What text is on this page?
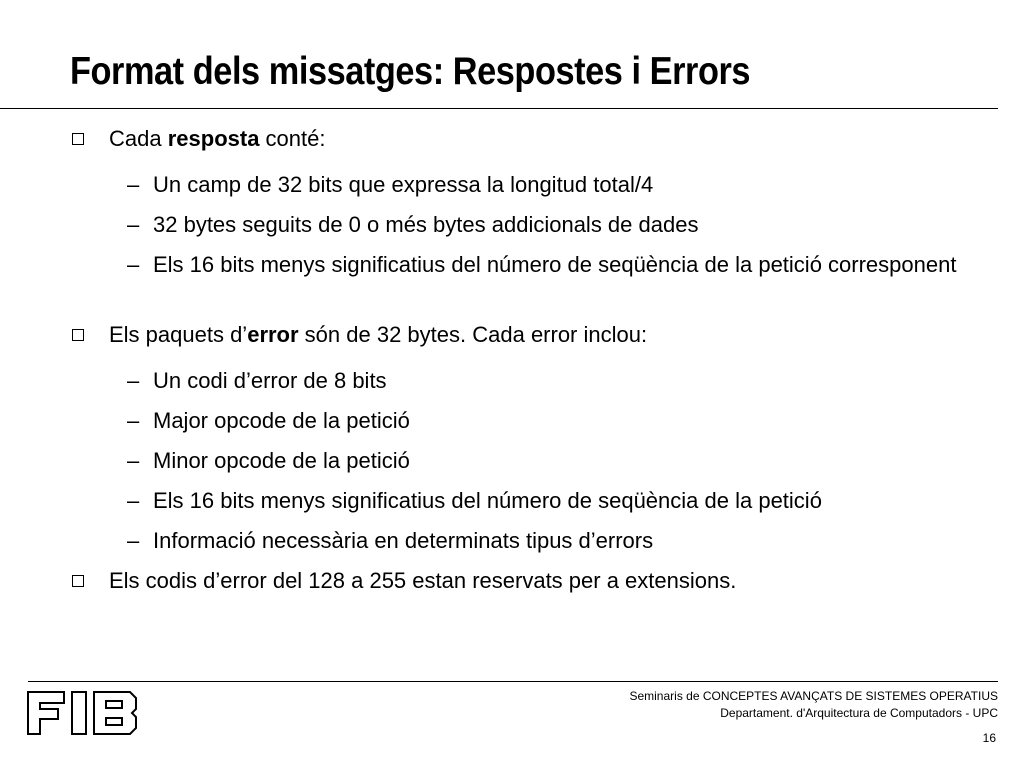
Format dels missatges: Respostes i Errors
Cada resposta conté:
– Un camp de 32 bits que expressa la longitud total/4
– 32 bytes seguits de 0 o més bytes addicionals de dades
– Els 16 bits menys significatius del número de seqüència de la petició corresponent
Els paquets d’error són de 32 bytes. Cada error inclou:
– Un codi d’error de 8 bits
– Major opcode de la petició
– Minor opcode de la petició
– Els 16 bits menys significatius del número de seqüència de la petició
– Informació necessària en determinats tipus d’errors
Els codis d’error del 128 a 255 estan reservats per a extensions.
Seminaris de CONCEPTES AVANÇATS DE SISTEMES OPERATIUS
Departament. d'Arquitectura de Computadors - UPC
16
